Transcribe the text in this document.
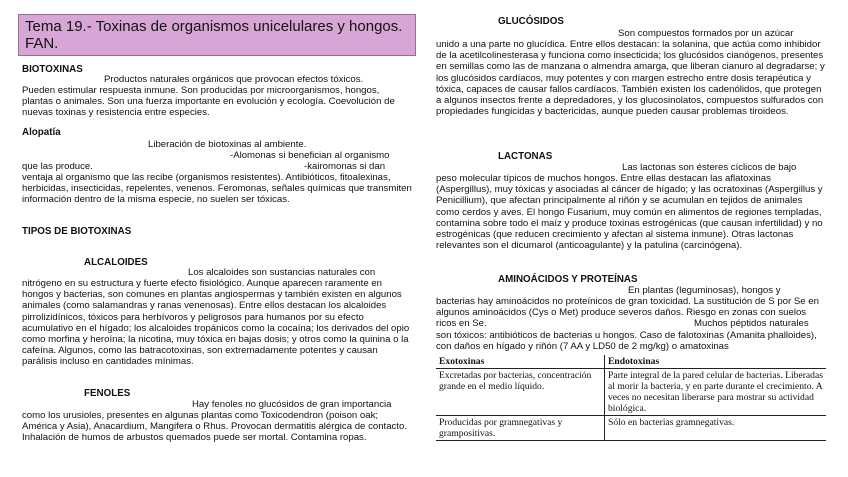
Tema 19.- Toxinas de organismos unicelulares y hongos. FAN.

BIOTOXINAS

Productos naturales orgánicos que provocan efectos tóxicos.

Pueden estimular respuesta inmune. Son producidas por microorganismos, hongos, plantas o animales. Son una fuerza importante en evolución y ecología. Coevolución de nuevas toxinas y resistencia entre especies.

Alopatía

Liberación de biotoxinas al ambiente.

-Alomonas si benefician al organismo

que las produce.	-kairomonas si dan

ventaja al organismo que las recibe (organismos resistentes). Antibióticos, fitoalexinas, herbicidas, insecticidas, repelentes, venenos. Feromonas, señales químicas que transmiten información dentro de la misma especie, no suelen ser tóxicas.

TIPOS DE BIOTOXINAS

ALCALOIDES

Los alcaloides son sustancias naturales con

nitrógeno en su estructura y fuerte efecto fisiológico. Aunque aparecen raramente en hongos y bacterias, son comunes en plantas angiospermas y también existen en algunos animales (como salamandras y ranas venenosas). Entre ellos destacan los alcaloides pirrolizidínicos, tóxicos para herbívoros y peligrosos para humanos por su efecto acumulativo en el hígado; los alcaloides tropánicos como la cocaína; los derivados del opio como morfina y heroína; la nicotina, muy tóxica en bajas dosis; y otros como la quinina o la cafeína. Algunos, como las batracotoxinas, son extremadamente potentes y causan parálisis incluso en cantidades mínimas.

FENOLES

Hay fenoles no glucósidos de gran importancia

como los urusioles, presentes en algunas plantas como Toxicodendron (poison oak; América y Asia), Anacardium, Mangifera o Rhus. Provocan dermatitis alérgica de contacto. Inhalación de humos de arbustos quemados puede ser mortal. Contamina ropas.

GLUCÓSIDOS

Son compuestos formados por un azúcar

unido a una parte no glucídica. Entre ellos destacan: la solanina, que actúa como inhibidor de la acetilcolinesterasa y funciona como insecticida; los glucósidos cianógenos, presentes en semillas como las de manzana o almendra amarga, que liberan cianuro al degradarse; y los glucósidos cardíacos, muy potentes y con margen estrecho entre dosis terapéutica y tóxica, capaces de causar fallos cardíacos. También existen los cadenólidos, que protegen a algunos insectos frente a depredadores, y los glucosinolatos, compuestos sulfurados con propiedades fungicidas y bactericidas, aunque pueden causar problemas tiroideos.

LACTONAS

Las lactonas son ésteres cíclicos de bajo

peso molecular típicos de muchos hongos. Entre ellas destacan las aflatoxinas (Aspergillus), muy tóxicas y asociadas al cáncer de hígado; y las ocratoxinas (Aspergillus y Penicillium), que afectan principalmente al riñón y se acumulan en tejidos de animales como cerdos y aves. El hongo Fusarium, muy común en alimentos de regiones templadas, contamina sobre todo el maíz y produce toxinas estrogénicas (que causan infertilidad) y no estrogénicas (que reducen crecimiento y afectan al sistema inmune). Otras lactonas relevantes son el dicumarol (anticoagulante) y la patulina (carcinógena).

AMINOÁCIDOS Y PROTEÍNAS

En plantas (leguminosas), hongos y

bacterias hay aminoácidos no proteínicos de gran toxicidad. La sustitución de S por Se en algunos aminoácidos (Cys o Met) produce severos daños. Riesgo en zonas con suelos ricos en Se.	Muchos péptidos naturales

son tóxicos: antibióticos de bacterias u hongos. Caso de falotoxinas (Amanita phalloides), con daños en hígado y riñón (7 AA y LD50 de 2 mg/kg) o amatoxinas

Exotoxinas	Endotoxinas
Excretadas por bacterias, concentración grande en el medio líquido.	Parte integral de la pared celular de bacterias. Liberadas al morir la bacteria, y en parte durante el crecimiento. A veces no necesitan liberarse para mostrar su actividad biológica.
Producidas por gramnegativas y grampositivas.	Sólo en bacterias gramnegativas.
